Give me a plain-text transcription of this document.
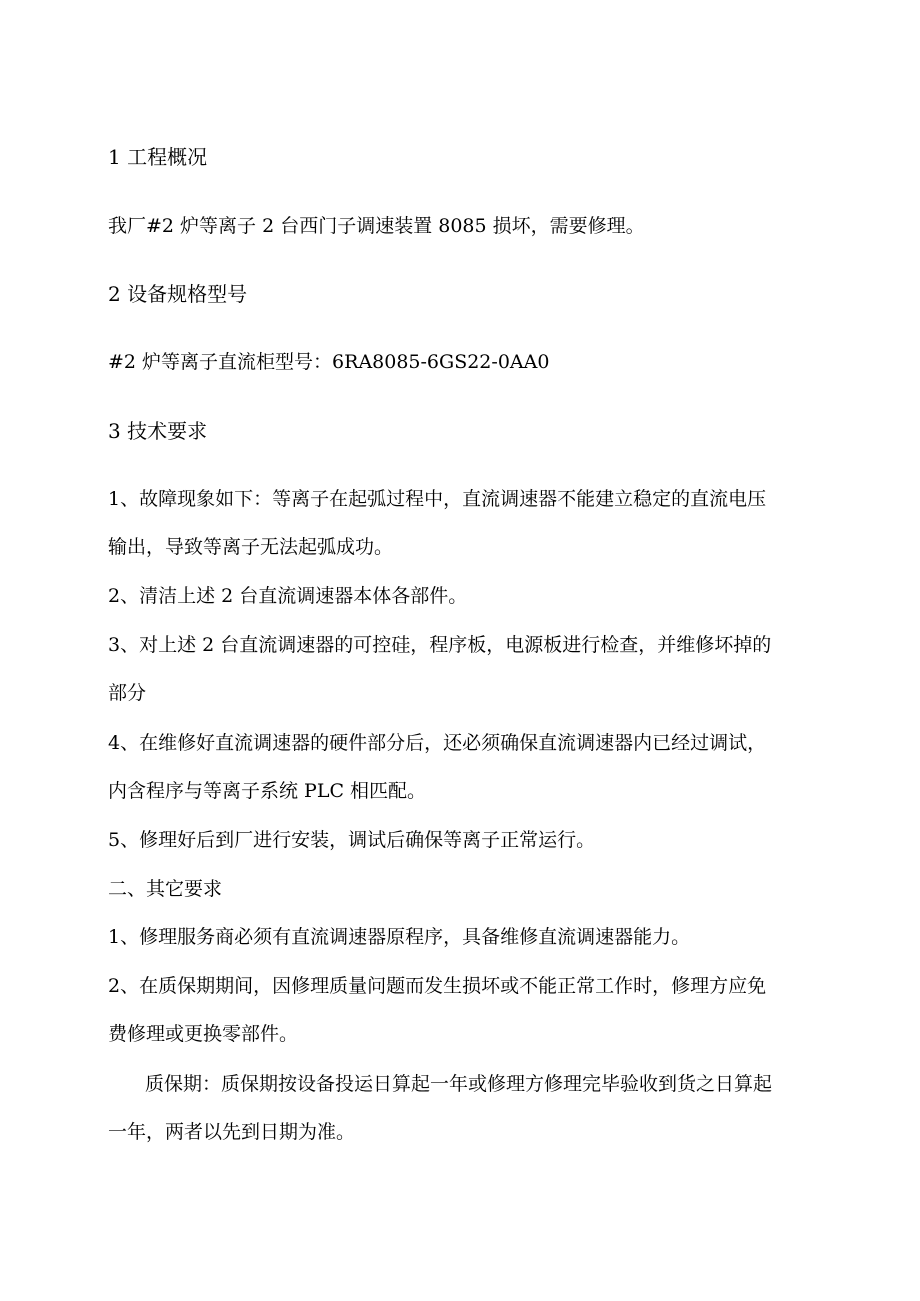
1 工程概况
我厂#2 炉等离子 2 台西门子调速装置 8085 损坏，需要修理。
2 设备规格型号
#2 炉等离子直流柜型号：6RA8085-6GS22-0AA0
3 技术要求
1、故障现象如下：等离子在起弧过程中，直流调速器不能建立稳定的直流电压
输出，导致等离子无法起弧成功。
2、清洁上述 2 台直流调速器本体各部件。
3、对上述 2 台直流调速器的可控硅，程序板，电源板进行检查，并维修坏掉的
部分
4、在维修好直流调速器的硬件部分后，还必须确保直流调速器内已经过调试，
内含程序与等离子系统 PLC 相匹配。
5、修理好后到厂进行安装，调试后确保等离子正常运行。
二、其它要求
1、修理服务商必须有直流调速器原程序，具备维修直流调速器能力。
2、在质保期期间，因修理质量问题而发生损坏或不能正常工作时，修理方应免
费修理或更换零部件。
质保期：质保期按设备投运日算起一年或修理方修理完毕验收到货之日算起
一年，两者以先到日期为准。
